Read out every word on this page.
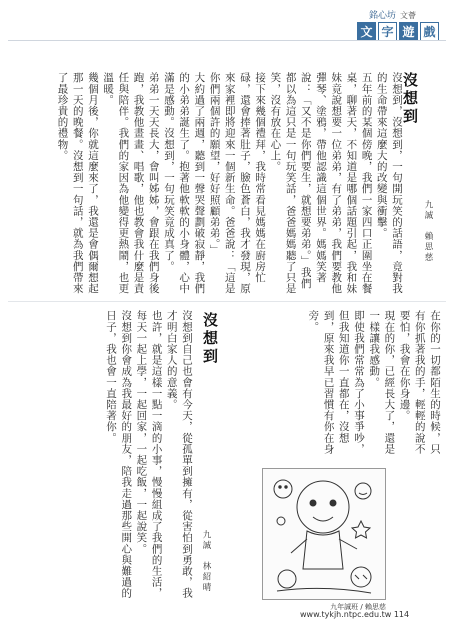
銘心坊 文薈
文 字 遊 戲
沒想到
九誠　賴思慈

沒想到，沒想到，一句開玩笑的話語，竟對我的生命帶來這麼大的改變與衝擊。

五年前的某個傍晚，我們一家四口正圍坐在餐桌，聊著天，不知道是哪個話題引起，我和妹妹竟說想要一位弟弟，有了弟弟，我們要教他彈琴、塗鴉，帶他認識這個世界。媽媽笑著說：「又不是你們要生，就想要弟弟。」我們都以為這只是一句玩笑話，爸爸媽媽聽了只是笑，沒有放在心上。

接下來幾個禮拜，我時常看見媽媽在廚房忙碌，還會捧著肚子，臉色蒼白，我才發現，原來家裡即將迎來一個新生命。爸爸說：「這是你們兩個許的願望，好好照顧弟弟。」

大約過了兩週，聽到一聲哭聲劃破寂靜，我們的小弟弟誕生了。抱著他軟軟的小身體，心中滿是感動。沒想到，一句玩笑竟成真了。

弟弟一天天長大，會叫姊姊，會跟在我們身後跑，我教他畫畫、唱歌，他也教會我什麼是責任與陪伴。我們的家因為他變得更熱鬧，也更溫暖。

幾個月後，你就這麼來了，我還是會偶爾想起那一天的晚餐。沒想到一句話，就為我們帶來了最珍貴的禮物。

在你的一切都陌生的時候，只有你抓著我的手，輕輕的說不要怕，我會在你身邊。

現在的你，已經長大了，還是一樣讓我感動。

即使我們常常為了小事爭吵，但我知道你一直都在，沒想到，原來我早已習慣有你在身旁。

沒想到
九誠　林紹晴

沒想到自己也會有今天，從孤單到擁有，從害怕到勇敢，我才明白家人的意義。

也許，就是這樣一點一滴的小事，慢慢組成了我們的生活，每天一起上學，一起回家，一起吃飯，一起說笑。

沒想到你會成為我最好的朋友，陪我走過那些開心與難過的日子，我也會一直陪著你。

九年誠班 / 賴思慈
www.tykjh.ntpc.edu.tw 114
